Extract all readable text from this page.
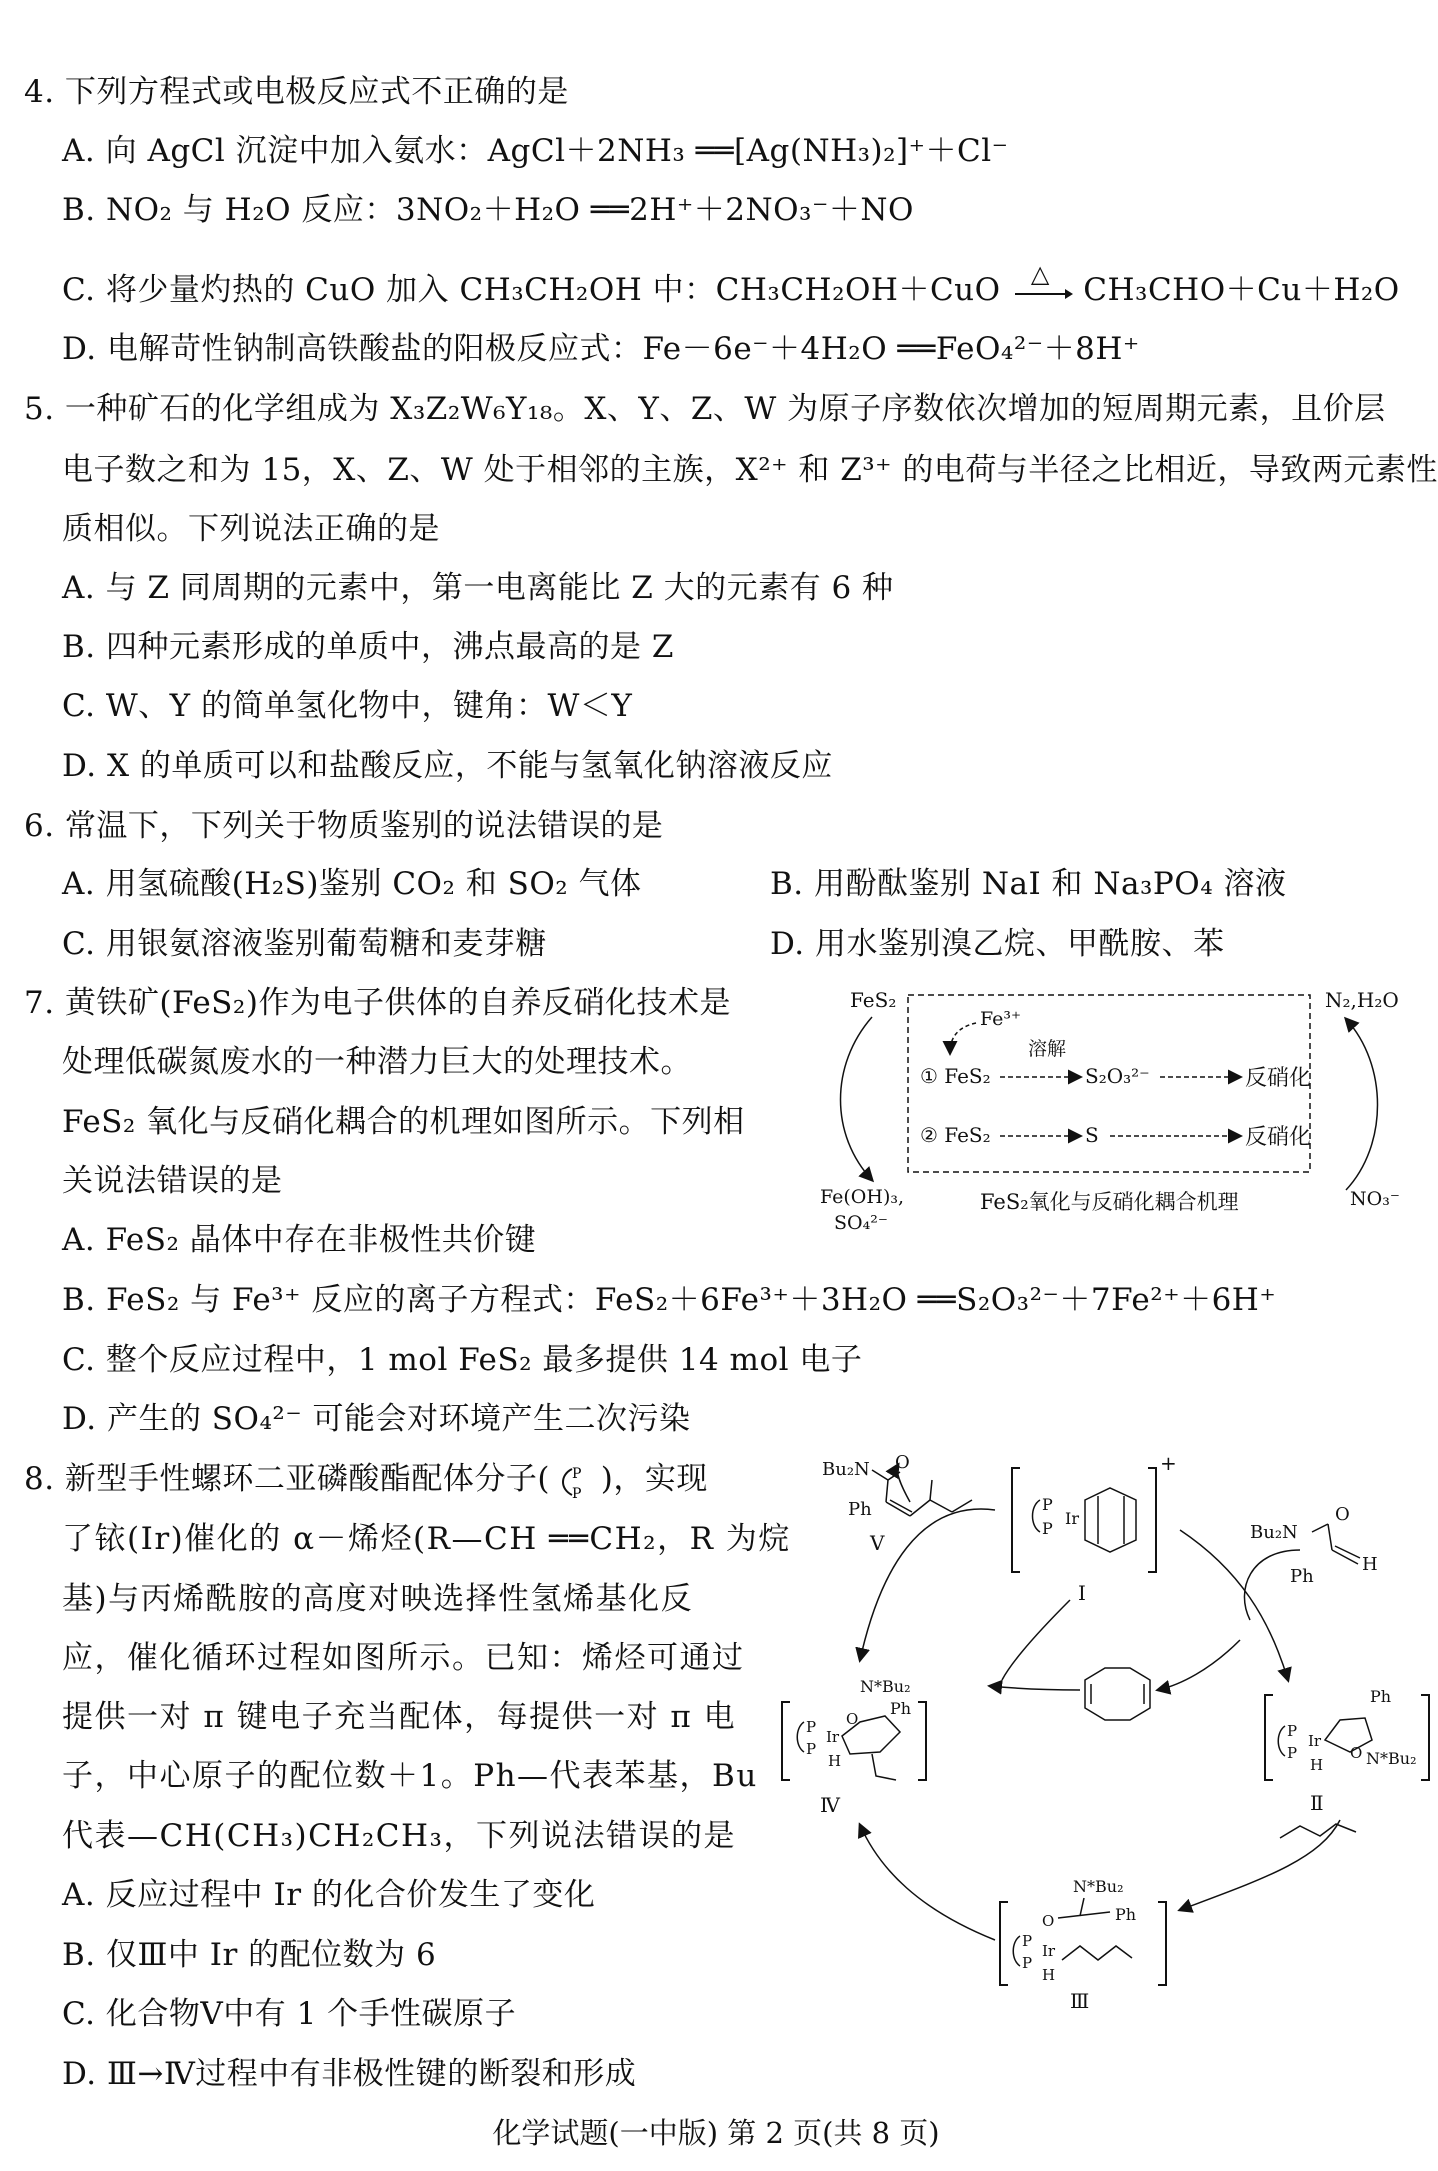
4. 下列方程式或电极反应式不正确的是
A. 向 AgCl 沉淀中加入氨水：AgCl＋2NH₃ ══[Ag(NH₃)₂]⁺＋Cl⁻
B. NO₂ 与 H₂O 反应：3NO₂＋H₂O ══2H⁺＋2NO₃⁻＋NO
C. 将少量灼热的 CuO 加入 CH₃CH₂OH 中：CH₃CH₂OH＋CuO △ CH₃CHO＋Cu＋H₂O
D. 电解苛性钠制高铁酸盐的阳极反应式：Fe－6e⁻＋4H₂O ══FeO₄²⁻＋8H⁺
5. 一种矿石的化学组成为 X₃Z₂W₆Y₁₈。X、Y、Z、W 为原子序数依次增加的短周期元素，且价层
电子数之和为 15，X、Z、W 处于相邻的主族，X²⁺ 和 Z³⁺ 的电荷与半径之比相近，导致两元素性
质相似。下列说法正确的是
A. 与 Z 同周期的元素中，第一电离能比 Z 大的元素有 6 种
B. 四种元素形成的单质中，沸点最高的是 Z
C. W、Y 的简单氢化物中，键角：W＜Y
D. X 的单质可以和盐酸反应，不能与氢氧化钠溶液反应
6. 常温下，下列关于物质鉴别的说法错误的是
A. 用氢硫酸(H₂S)鉴别 CO₂ 和 SO₂ 气体	B. 用酚酞鉴别 NaI 和 Na₃PO₄ 溶液
C. 用银氨溶液鉴别葡萄糖和麦芽糖	D. 用水鉴别溴乙烷、甲酰胺、苯
7. 黄铁矿(FeS₂)作为电子供体的自养反硝化技术是
处理低碳氮废水的一种潜力巨大的处理技术。
FeS₂ 氧化与反硝化耦合的机理如图所示。下列相
关说法错误的是
A. FeS₂ 晶体中存在非极性共价键
B. FeS₂ 与 Fe³⁺ 反应的离子方程式：FeS₂＋6Fe³⁺＋3H₂O ══S₂O₃²⁻＋7Fe²⁺＋6H⁺
C. 整个反应过程中，1 mol FeS₂ 最多提供 14 mol 电子
D. 产生的 SO₄²⁻ 可能会对环境产生二次污染
FeS₂	N₂,H₂O
Fe³⁺
溶解
① FeS₂	S₂O₃²⁻	反硝化
② FeS₂	S	反硝化
Fe(OH)₃,
SO₄²⁻
NO₃⁻
FeS₂氧化与反硝化耦合机理
8. 新型手性螺环二亚磷酸酯配体分子( P
P )，实现
了铱(Ir)催化的 α－烯烃(R—CH ══CH₂，R 为烷
基)与丙烯酰胺的高度对映选择性氢烯基化反
应，催化循环过程如图所示。已知：烯烃可通过
提供一对 π 键电子充当配体，每提供一对 π 电
子，中心原子的配位数＋1。Ph—代表苯基，Bu
代表—CH(CH₃)CH₂CH₃，下列说法错误的是
A. 反应过程中 Ir 的化合价发生了变化
B. 仅Ⅲ中 Ir 的配位数为 6
C. 化合物Ⅴ中有 1 个手性碳原子
D. Ⅲ→Ⅳ过程中有非极性键的断裂和形成
Bu₂N O
Ph
Ⅴ
+
P
P
Ir
Ⅰ
Bu₂N
O
Ph
H
P
P
Ir
H
O
Ph
N*Bu₂
Ⅱ
N*Bu₂
O	Ph
P
P
Ir
H
Ⅲ
N*Bu₂
P
P
Ir
H
O
Ph
Ⅳ
化学试题(一中版) 第 2 页(共 8 页)
